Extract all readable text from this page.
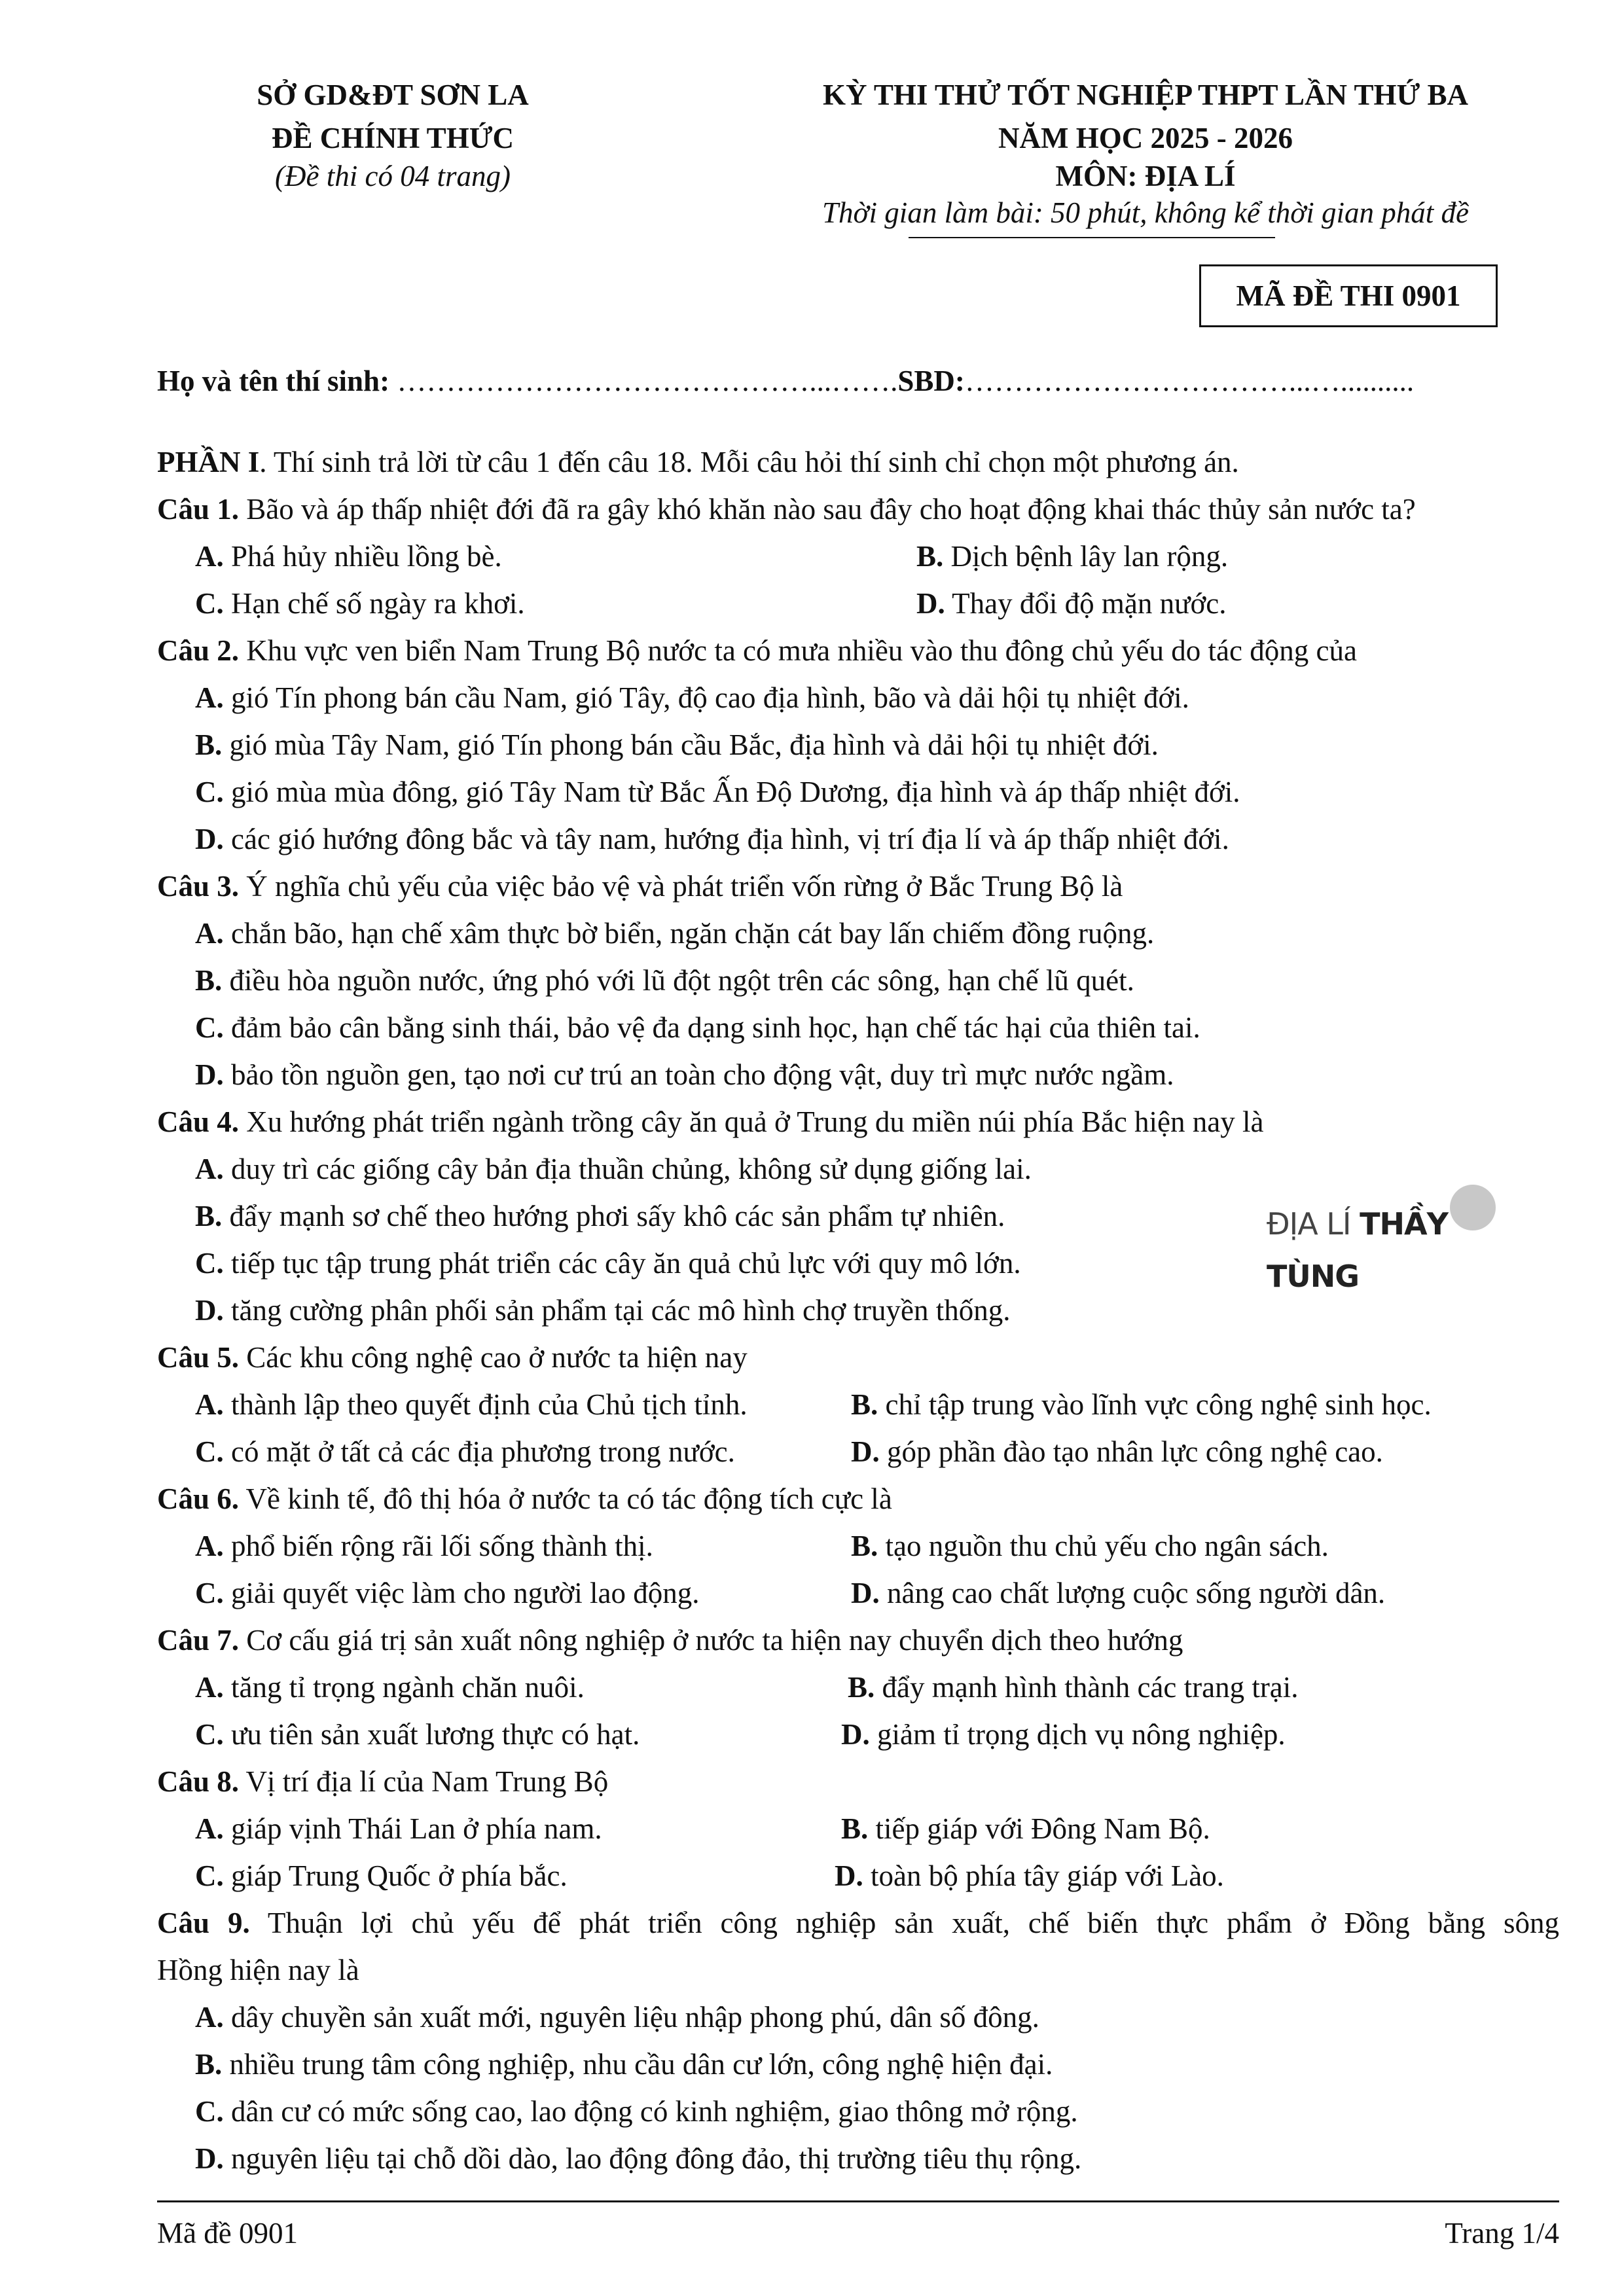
SỞ GD&ĐT SƠN LA
ĐỀ CHÍNH THỨC
(Đề thi có 04 trang)
KỲ THI THỬ TỐT NGHIỆP THPT LẦN THỨ BA
NĂM HỌC 2025 - 2026
MÔN: ĐỊA LÍ
Thời gian làm bài: 50 phút, không kể thời gian phát đề
MÃ ĐỀ THI 0901
Họ và tên thí sinh: ……………………………………...…….SBD:……………………………...…..........
PHẦN I. Thí sinh trả lời từ câu 1 đến câu 18. Mỗi câu hỏi thí sinh chỉ chọn một phương án.
Câu 1. Bão và áp thấp nhiệt đới đã ra gây khó khăn nào sau đây cho hoạt động khai thác thủy sản nước ta?
A. Phá hủy nhiều lồng bè.	B. Dịch bệnh lây lan rộng.
C. Hạn chế số ngày ra khơi.	D. Thay đổi độ mặn nước.
Câu 2. Khu vực ven biển Nam Trung Bộ nước ta có mưa nhiều vào thu đông chủ yếu do tác động của
A. gió Tín phong bán cầu Nam, gió Tây, độ cao địa hình, bão và dải hội tụ nhiệt đới.
B. gió mùa Tây Nam, gió Tín phong bán cầu Bắc, địa hình và dải hội tụ nhiệt đới.
C. gió mùa mùa đông, gió Tây Nam từ Bắc Ấn Độ Dương, địa hình và áp thấp nhiệt đới.
D. các gió hướng đông bắc và tây nam, hướng địa hình, vị trí địa lí và áp thấp nhiệt đới.
Câu 3. Ý nghĩa chủ yếu của việc bảo vệ và phát triển vốn rừng ở Bắc Trung Bộ là
A. chắn bão, hạn chế xâm thực bờ biển, ngăn chặn cát bay lấn chiếm đồng ruộng.
B. điều hòa nguồn nước, ứng phó với lũ đột ngột trên các sông, hạn chế lũ quét.
C. đảm bảo cân bằng sinh thái, bảo vệ đa dạng sinh học, hạn chế tác hại của thiên tai.
D. bảo tồn nguồn gen, tạo nơi cư trú an toàn cho động vật, duy trì mực nước ngầm.
Câu 4. Xu hướng phát triển ngành trồng cây ăn quả ở Trung du miền núi phía Bắc hiện nay là
A. duy trì các giống cây bản địa thuần chủng, không sử dụng giống lai.
B. đẩy mạnh sơ chế theo hướng phơi sấy khô các sản phẩm tự nhiên.
C. tiếp tục tập trung phát triển các cây ăn quả chủ lực với quy mô lớn.
D. tăng cường phân phối sản phẩm tại các mô hình chợ truyền thống.
ĐỊA LÍ THẦY TÙNG
Câu 5. Các khu công nghệ cao ở nước ta hiện nay
A. thành lập theo quyết định của Chủ tịch tỉnh.	B. chỉ tập trung vào lĩnh vực công nghệ sinh học.
C. có mặt ở tất cả các địa phương trong nước.	D. góp phần đào tạo nhân lực công nghệ cao.
Câu 6. Về kinh tế, đô thị hóa ở nước ta có tác động tích cực là
A. phổ biến rộng rãi lối sống thành thị.	B. tạo nguồn thu chủ yếu cho ngân sách.
C. giải quyết việc làm cho người lao động.	D. nâng cao chất lượng cuộc sống người dân.
Câu 7. Cơ cấu giá trị sản xuất nông nghiệp ở nước ta hiện nay chuyển dịch theo hướng
A. tăng tỉ trọng ngành chăn nuôi.	B. đẩy mạnh hình thành các trang trại.
C. ưu tiên sản xuất lương thực có hạt.	D. giảm tỉ trọng dịch vụ nông nghiệp.
Câu 8. Vị trí địa lí của Nam Trung Bộ
A. giáp vịnh Thái Lan ở phía nam.	B. tiếp giáp với Đông Nam Bộ.
C. giáp Trung Quốc ở phía bắc.	D. toàn bộ phía tây giáp với Lào.
Câu 9. Thuận lợi chủ yếu để phát triển công nghiệp sản xuất, chế biến thực phẩm ở Đồng bằng sông
Hồng hiện nay là
A. dây chuyền sản xuất mới, nguyên liệu nhập phong phú, dân số đông.
B. nhiều trung tâm công nghiệp, nhu cầu dân cư lớn, công nghệ hiện đại.
C. dân cư có mức sống cao, lao động có kinh nghiệm, giao thông mở rộng.
D. nguyên liệu tại chỗ dồi dào, lao động đông đảo, thị trường tiêu thụ rộng.
Mã đề 0901	Trang 1/4
